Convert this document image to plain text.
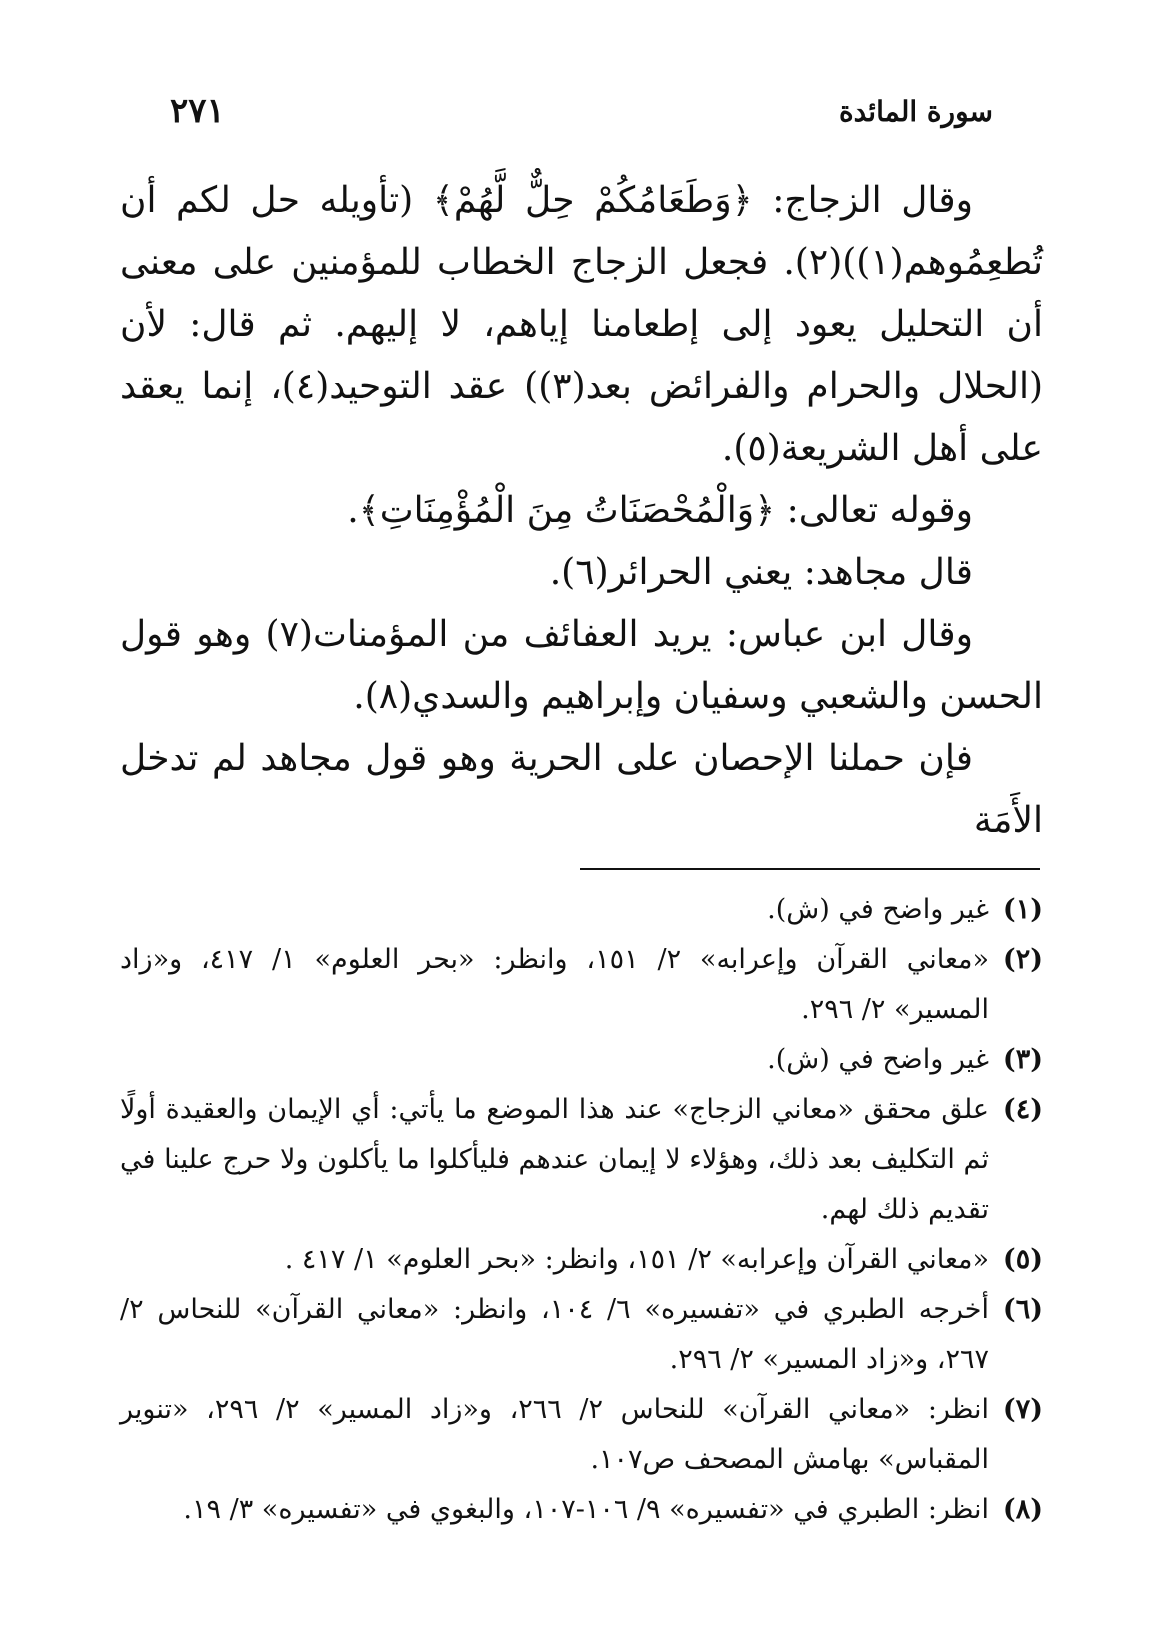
سورة المائدة
٢٧١

وقال الزجاج: ﴿وَطَعَامُكُمْ حِلٌّ لَّهُمْ﴾ (تأويله حل لكم أن تُطعِمُوهم(١))(٢). فجعل الزجاج الخطاب للمؤمنين على معنى أن التحليل يعود إلى إطعامنا إياهم، لا إليهم. ثم قال: لأن (الحلال والحرام والفرائض بعد(٣)) عقد التوحيد(٤)، إنما يعقد على أهل الشريعة(٥).

وقوله تعالى: ﴿وَالْمُحْصَنَاتُ مِنَ الْمُؤْمِنَاتِ﴾.

قال مجاهد: يعني الحرائر(٦).

وقال ابن عباس: يريد العفائف من المؤمنات(٧) وهو قول الحسن والشعبي وسفيان وإبراهيم والسدي(٨).

فإن حملنا الإحصان على الحرية وهو قول مجاهد لم تدخل الأَمَة

(١)
غير واضح في (ش).
(٢)
«معاني القرآن وإعرابه» ٢/ ١٥١، وانظر: «بحر العلوم» ١/ ٤١٧، و«زاد المسير» ٢/ ٢٩٦.
(٣)
غير واضح في (ش).
(٤)
علق محقق «معاني الزجاج» عند هذا الموضع ما يأتي: أي الإيمان والعقيدة أولًا ثم التكليف بعد ذلك، وهؤلاء لا إيمان عندهم فليأكلوا ما يأكلون ولا حرج علينا في تقديم ذلك لهم.
(٥)
«معاني القرآن وإعرابه» ٢/ ١٥١، وانظر: «بحر العلوم» ١/ ٤١٧ .
(٦)
أخرجه الطبري في «تفسيره» ٦/ ١٠٤، وانظر: «معاني القرآن» للنحاس ٢/ ٢٦٧، و«زاد المسير» ٢/ ٢٩٦.
(٧)
انظر: «معاني القرآن» للنحاس ٢/ ٢٦٦، و«زاد المسير» ٢/ ٢٩٦، «تنوير المقباس» بهامش المصحف ص١٠٧.
(٨)
انظر: الطبري في «تفسيره» ٩/ ١٠٦-١٠٧، والبغوي في «تفسيره» ٣/ ١٩.
